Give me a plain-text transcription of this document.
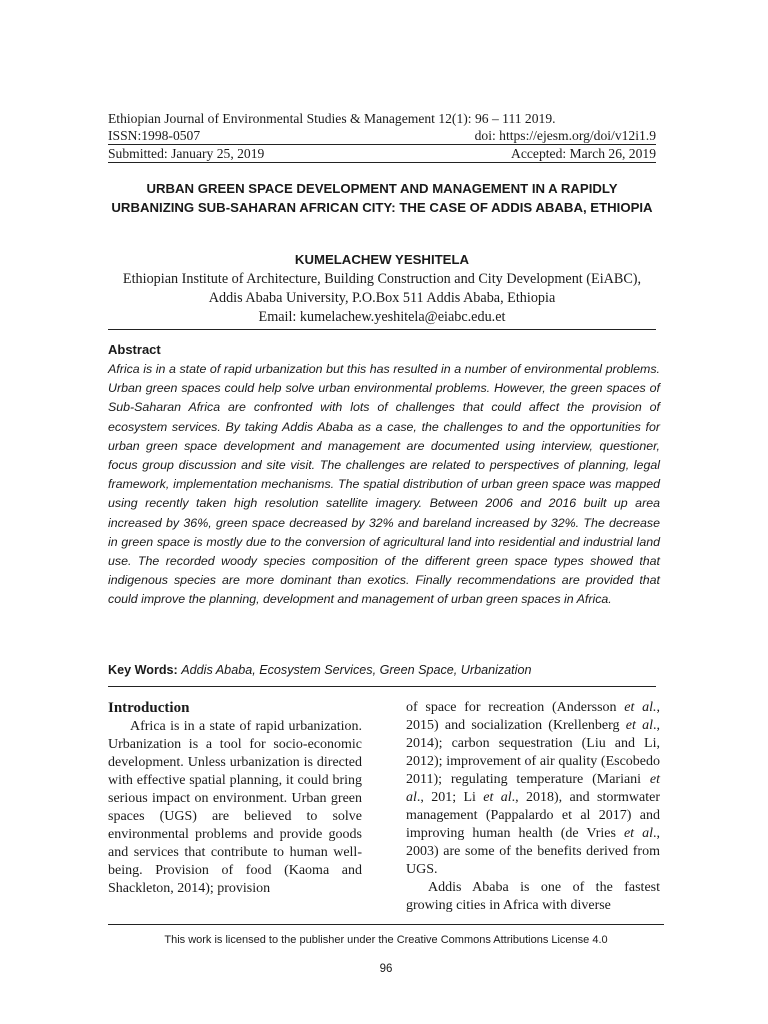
Ethiopian Journal of Environmental Studies & Management 12(1): 96 – 111 2019.
ISSN:1998-0507	doi: https://ejesm.org/doi/v12i1.9
Submitted: January 25, 2019	Accepted: March 26, 2019
URBAN GREEN SPACE DEVELOPMENT AND MANAGEMENT IN A RAPIDLY URBANIZING SUB-SAHARAN AFRICAN CITY: THE CASE OF ADDIS ABABA, ETHIOPIA
KUMELACHEW YESHITELA
Ethiopian Institute of Architecture, Building Construction and City Development (EiABC),
Addis Ababa University, P.O.Box 511 Addis Ababa, Ethiopia
Email: kumelachew.yeshitela@eiabc.edu.et
Abstract
Africa is in a state of rapid urbanization but this has resulted in a number of environmental problems. Urban green spaces could help solve urban environmental problems. However, the green spaces of Sub-Saharan Africa are confronted with lots of challenges that could affect the provision of ecosystem services. By taking Addis Ababa as a case, the challenges to and the opportunities for urban green space development and management are documented using interview, questioner, focus group discussion and site visit. The challenges are related to perspectives of planning, legal framework, implementation mechanisms. The spatial distribution of urban green space was mapped using recently taken high resolution satellite imagery. Between 2006 and 2016 built up area increased by 36%, green space decreased by 32% and bareland increased by 32%. The decrease in green space is mostly due to the conversion of agricultural land into residential and industrial land use. The recorded woody species composition of the different green space types showed that indigenous species are more dominant than exotics. Finally recommendations are provided that could improve the planning, development and management of urban green spaces in Africa.
Key Words: Addis Ababa, Ecosystem Services, Green Space, Urbanization
Introduction

Africa is in a state of rapid urbanization. Urbanization is a tool for socio-economic development. Unless urbanization is directed with effective spatial planning, it could bring serious impact on environment. Urban green spaces (UGS) are believed to solve environmental problems and provide goods and services that contribute to human well-being. Provision of food (Kaoma and Shackleton, 2014); provision

of space for recreation (Andersson et al., 2015) and socialization (Krellenberg et al., 2014); carbon sequestration (Liu and Li, 2012); improvement of air quality (Escobedo 2011); regulating temperature (Mariani et al., 201; Li et al., 2018), and stormwater management (Pappalardo et al 2017) and improving human health (de Vries et al., 2003) are some of the benefits derived from UGS.

Addis Ababa is one of the fastest growing cities in Africa with diverse

This work is licensed to the publisher under the Creative Commons Attributions License 4.0
96
